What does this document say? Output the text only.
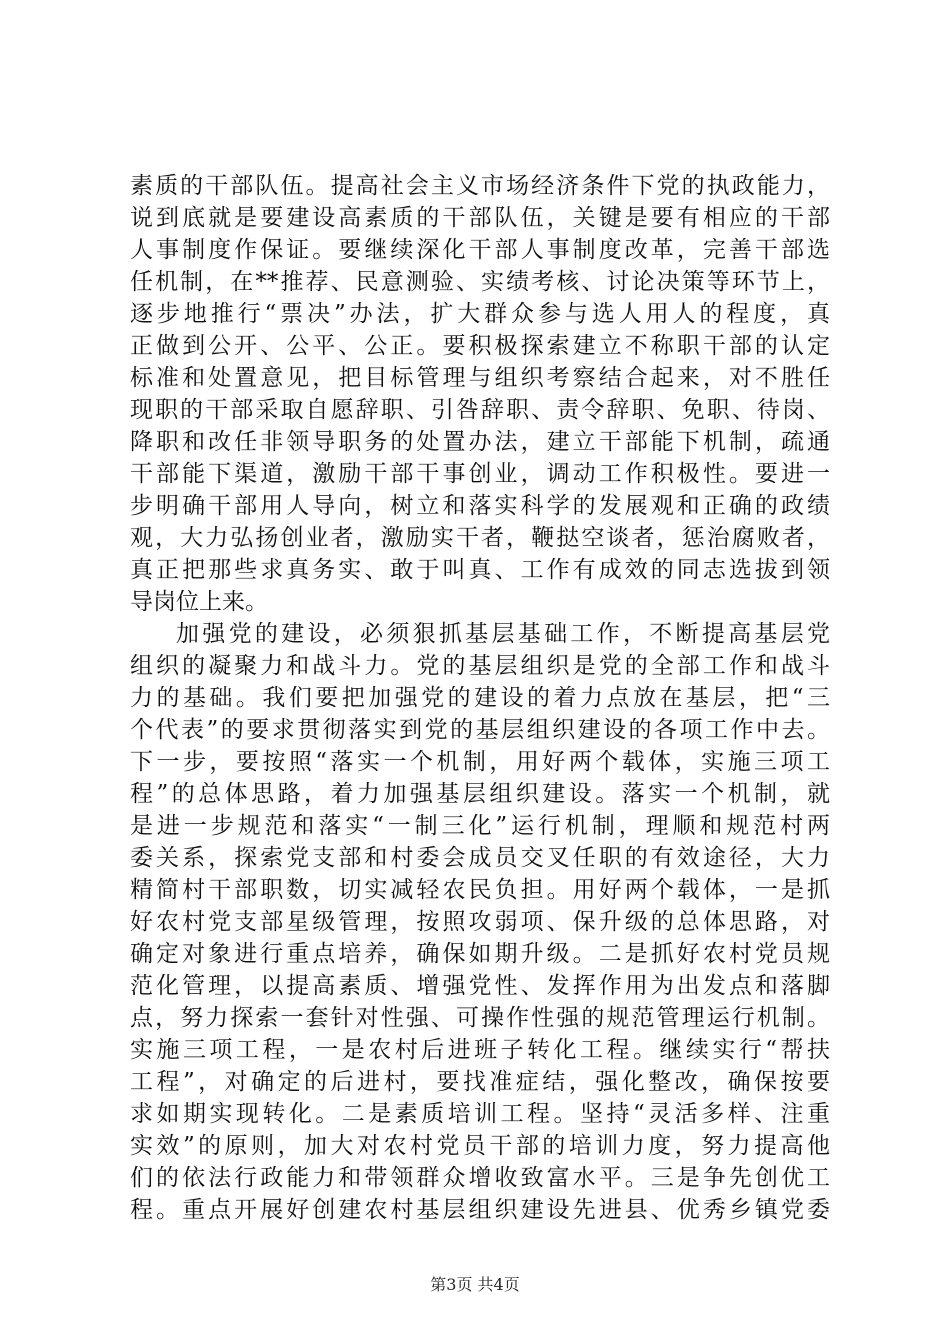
素质的干部队伍。提高社会主义市场经济条件下党的执政能力，
说到底就是要建设高素质的干部队伍，关键是要有相应的干部
人事制度作保证。要继续深化干部人事制度改革，完善干部选
任机制，在**推荐、民意测验、实绩考核、讨论决策等环节上，
逐步地推行“票决”办法，扩大群众参与选人用人的程度，真
正做到公开、公平、公正。要积极探索建立不称职干部的认定
标准和处置意见，把目标管理与组织考察结合起来，对不胜任
现职的干部采取自愿辞职、引咎辞职、责令辞职、免职、待岗、
降职和改任非领导职务的处置办法，建立干部能下机制，疏通
干部能下渠道，激励干部干事创业，调动工作积极性。要进一
步明确干部用人导向，树立和落实科学的发展观和正确的政绩
观，大力弘扬创业者，激励实干者，鞭挞空谈者，惩治腐败者，
真正把那些求真务实、敢于叫真、工作有成效的同志选拔到领
导岗位上来。
加强党的建设，必须狠抓基层基础工作，不断提高基层党
组织的凝聚力和战斗力。党的基层组织是党的全部工作和战斗
力的基础。我们要把加强党的建设的着力点放在基层，把“三
个代表”的要求贯彻落实到党的基层组织建设的各项工作中去。
下一步，要按照“落实一个机制，用好两个载体，实施三项工
程”的总体思路，着力加强基层组织建设。落实一个机制，就
是进一步规范和落实“一制三化”运行机制，理顺和规范村两
委关系，探索党支部和村委会成员交叉任职的有效途径，大力
精简村干部职数，切实减轻农民负担。用好两个载体，一是抓
好农村党支部星级管理，按照攻弱项、保升级的总体思路，对
确定对象进行重点培养，确保如期升级。二是抓好农村党员规
范化管理，以提高素质、增强党性、发挥作用为出发点和落脚
点，努力探索一套针对性强、可操作性强的规范管理运行机制。
实施三项工程，一是农村后进班子转化工程。继续实行“帮扶
工程”，对确定的后进村，要找准症结，强化整改，确保按要
求如期实现转化。二是素质培训工程。坚持“灵活多样、注重
实效”的原则，加大对农村党员干部的培训力度，努力提高他
们的依法行政能力和带领群众增收致富水平。三是争先创优工
程。重点开展好创建农村基层组织建设先进县、优秀乡镇党委
第3页 共4页
